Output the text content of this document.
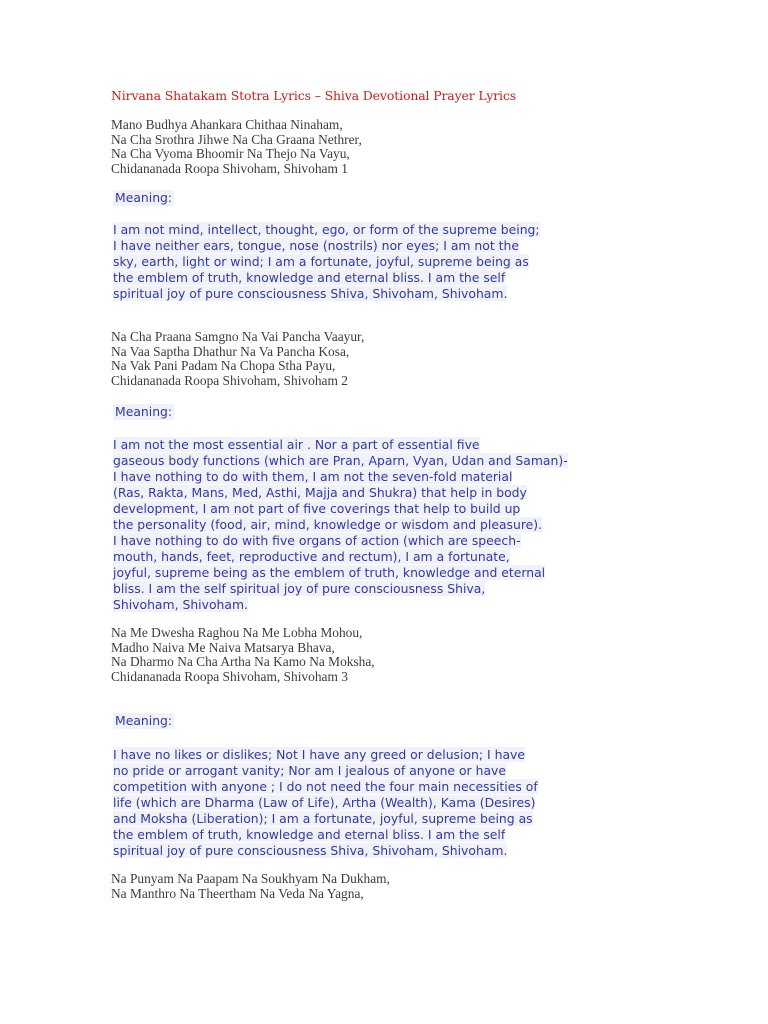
Nirvana Shatakam Stotra Lyrics – Shiva Devotional Prayer Lyrics
Mano Budhya Ahankara Chithaa Ninaham,
Na Cha Srothra Jihwe Na Cha Graana Nethrer,
Na Cha Vyoma Bhoomir Na Thejo Na Vayu,
Chidananada Roopa Shivoham, Shivoham 1
Meaning:
I am not mind, intellect, thought, ego, or form of the supreme being;
I have neither ears, tongue, nose (nostrils) nor eyes; I am not the
sky, earth, light or wind; I am a fortunate, joyful, supreme being as
the emblem of truth, knowledge and eternal bliss. I am the self
spiritual joy of pure consciousness Shiva, Shivoham, Shivoham.
Na Cha Praana Samgno Na Vai Pancha Vaayur,
Na Vaa Saptha Dhathur Na Va Pancha Kosa,
Na Vak Pani Padam Na Chopa Stha Payu,
Chidananada Roopa Shivoham, Shivoham 2
Meaning:
I am not the most essential air . Nor a part of essential five
gaseous body functions (which are Pran, Aparn, Vyan, Udan and Saman)-
I have nothing to do with them, I am not the seven-fold material
(Ras, Rakta, Mans, Med, Asthi, Majja and Shukra) that help in body
development, I am not part of five coverings that help to build up
the personality (food, air, mind, knowledge or wisdom and pleasure).
I have nothing to do with five organs of action (which are speech-
mouth, hands, feet, reproductive and rectum), I am a fortunate,
joyful, supreme being as the emblem of truth, knowledge and eternal
bliss. I am the self spiritual joy of pure consciousness Shiva,
Shivoham, Shivoham.
Na Me Dwesha Raghou Na Me Lobha Mohou,
Madho Naiva Me Naiva Matsarya Bhava,
Na Dharmo Na Cha Artha Na Kamo Na Moksha,
Chidananada Roopa Shivoham, Shivoham 3
Meaning:
I have no likes or dislikes; Not I have any greed or delusion; I have
no pride or arrogant vanity; Nor am I jealous of anyone or have
competition with anyone ; I do not need the four main necessities of
life (which are Dharma (Law of Life), Artha (Wealth), Kama (Desires)
and Moksha (Liberation); I am a fortunate, joyful, supreme being as
the emblem of truth, knowledge and eternal bliss. I am the self
spiritual joy of pure consciousness Shiva, Shivoham, Shivoham.
Na Punyam Na Paapam Na Soukhyam Na Dukham,
Na Manthro Na Theertham Na Veda Na Yagna,
